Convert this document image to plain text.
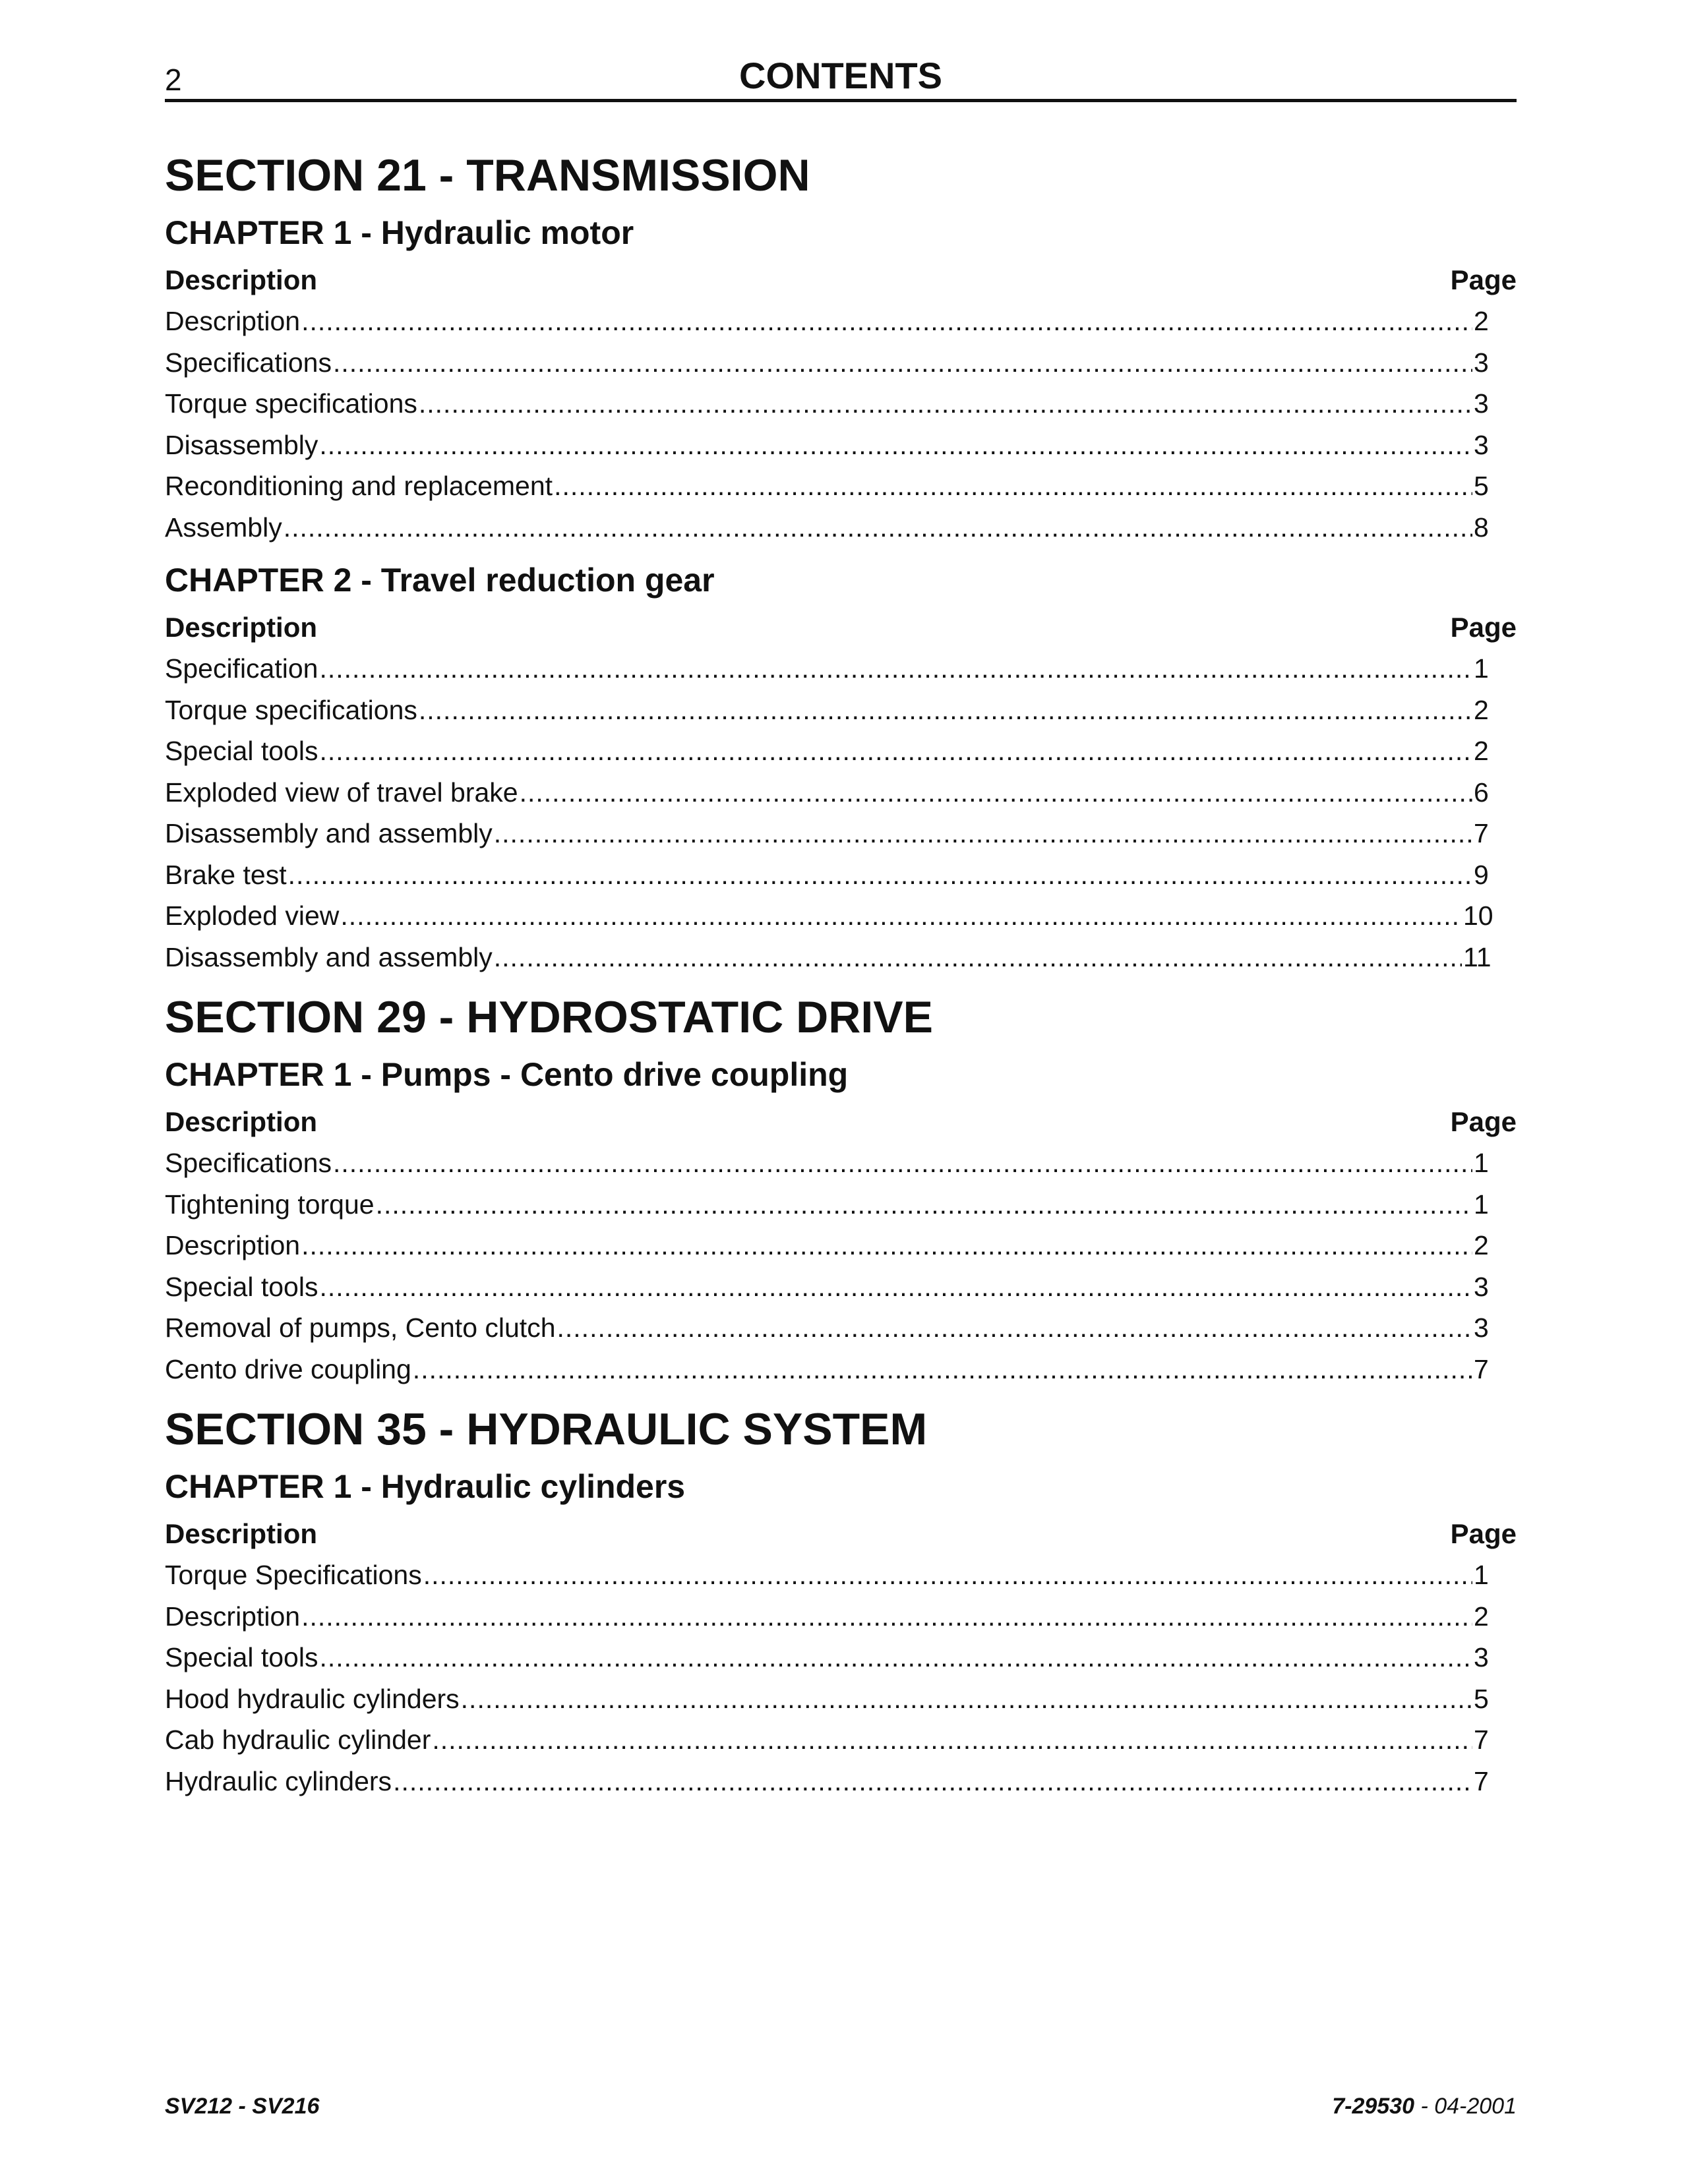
2	CONTENTS
SECTION 21 - TRANSMISSION
CHAPTER 1 - Hydraulic motor
Description	Page
Description .....	2
Specifications .....	3
Torque specifications .....	3
Disassembly .....	3
Reconditioning and replacement .....	5
Assembly .....	8
CHAPTER 2 - Travel reduction gear
Description	Page
Specification .....	1
Torque specifications .....	2
Special tools .....	2
Exploded view of travel brake .....	6
Disassembly and assembly .....	7
Brake test .....	9
Exploded view .....	10
Disassembly and assembly .....	11
SECTION 29 - HYDROSTATIC DRIVE
CHAPTER 1 - Pumps - Cento drive coupling
Description	Page
Specifications .....	1
Tightening torque .....	1
Description .....	2
Special tools .....	3
Removal of pumps, Cento clutch .....	3
Cento drive coupling .....	7
SECTION 35 - HYDRAULIC SYSTEM
CHAPTER 1 - Hydraulic cylinders
Description	Page
Torque Specifications .....	1
Description .....	2
Special tools .....	3
Hood hydraulic cylinders .....	5
Cab hydraulic cylinder .....	7
Hydraulic cylinders .....	7
SV212 - SV216	7-29530 - 04-2001
